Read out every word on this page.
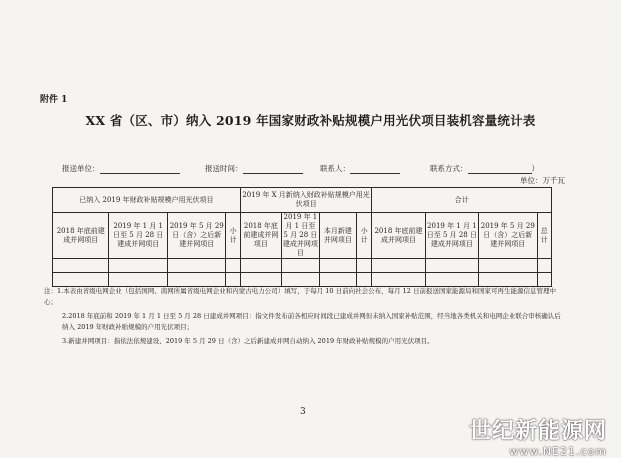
附件 1
XX 省（区、市）纳入 2019 年国家财政补贴规模户用光伏项目装机容量统计表
报送单位：	报送时间：	联系人：	联系方式：	）
单位：万千瓦
已纳入 2019 年财政补贴规模户用光伏项目				2019 年 X 月新纳入财政补贴规模户用光伏项目				合计			
2018 年底前建成并网项目	2019 年 1 月 1 日至 5 月 28 日建成并网项目	2019 年 5 月 29 日（含）之后新建并网项目	小计	2018 年底前建成并网项目	2019 年 1 月 1 日至 5 月 28 日建成并网项目	本月新建并网项目	小计	2018 年底前建成并网项目	2019 年 1 月 1 日至 5 月 28 日建成并网项目	2019 年 5 月 29 日（含）之后新建并网项目	总计

注：1.本表由省级电网企业（包括国网、南网所属省级电网企业和内蒙古电力公司）填写，于每月 10 日前向社会公布，每月 12 日前报送国家能源局和国家可再生能源信息管理中心；

2.2018 年底前和 2019 年 1 月 1 日至 5 月 28 日建成并网项目：指文件发布前各相应时间段已建成并网但未纳入国家补贴范围，经当地各类机关和电网企业联合审核确认后纳入 2019 年财政补贴规模的户用光伏项目；

3.新建并网项目：指依法依规建设、2019 年 5 月 29 日（含）之后新建成并网自动纳入 2019 年财政补贴规模的户用光伏项目。

3
世纪新能源网
www.NE21.com
